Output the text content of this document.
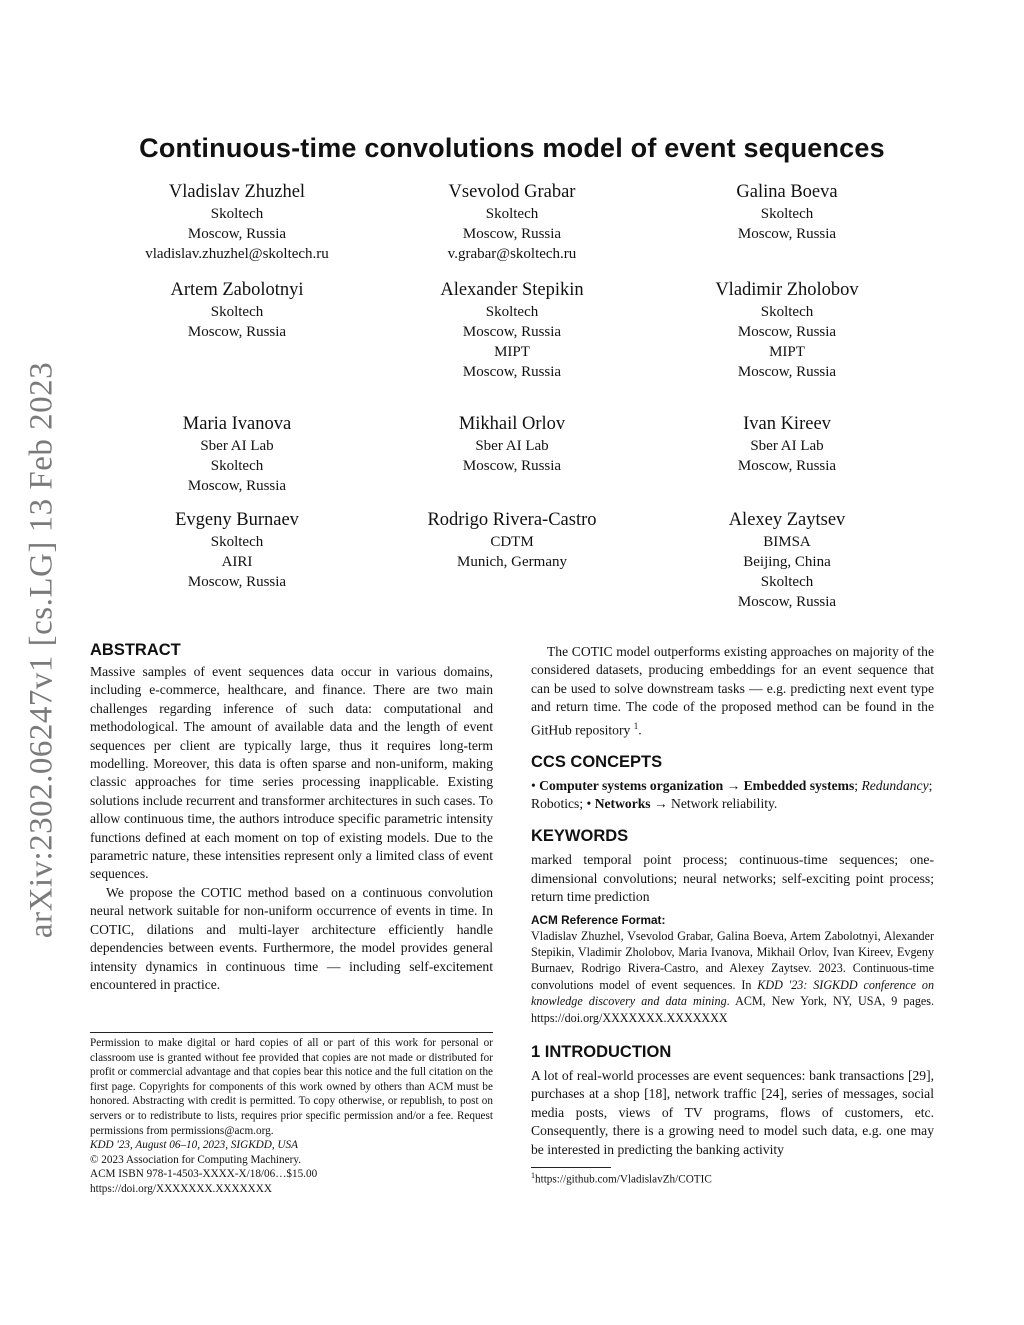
Continuous-time convolutions model of event sequences
arXiv:2302.06247v1 [cs.LG] 13 Feb 2023
Vladislav Zhuzhel
Skoltech
Moscow, Russia
vladislav.zhuzhel@skoltech.ru
Vsevolod Grabar
Skoltech
Moscow, Russia
v.grabar@skoltech.ru
Galina Boeva
Skoltech
Moscow, Russia
Artem Zabolotnyi
Skoltech
Moscow, Russia
Alexander Stepikin
Skoltech
Moscow, Russia
MIPT
Moscow, Russia
Vladimir Zholobov
Skoltech
Moscow, Russia
MIPT
Moscow, Russia
Maria Ivanova
Sber AI Lab
Skoltech
Moscow, Russia
Mikhail Orlov
Sber AI Lab
Moscow, Russia
Ivan Kireev
Sber AI Lab
Moscow, Russia
Evgeny Burnaev
Skoltech
AIRI
Moscow, Russia
Rodrigo Rivera-Castro
CDTM
Munich, Germany
Alexey Zaytsev
BIMSA
Beijing, China
Skoltech
Moscow, Russia
ABSTRACT

Massive samples of event sequences data occur in various domains, including e-commerce, healthcare, and finance. There are two main challenges regarding inference of such data: computational and methodological. The amount of available data and the length of event sequences per client are typically large, thus it requires long-term modelling. Moreover, this data is often sparse and non-uniform, making classic approaches for time series processing inapplicable. Existing solutions include recurrent and transformer architectures in such cases. To allow continuous time, the authors introduce specific parametric intensity functions defined at each moment on top of existing models. Due to the parametric nature, these intensities represent only a limited class of event sequences.

We propose the COTIC method based on a continuous convolution neural network suitable for non-uniform occurrence of events in time. In COTIC, dilations and multi-layer architecture efficiently handle dependencies between events. Furthermore, the model provides general intensity dynamics in continuous time — including self-excitement encountered in practice.

Permission to make digital or hard copies of all or part of this work for personal or classroom use is granted without fee provided that copies are not made or distributed for profit or commercial advantage and that copies bear this notice and the full citation on the first page. Copyrights for components of this work owned by others than ACM must be honored. Abstracting with credit is permitted. To copy otherwise, or republish, to post on servers or to redistribute to lists, requires prior specific permission and/or a fee. Request permissions from permissions@acm.org.

KDD '23, August 06–10, 2023, SIGKDD, USA

© 2023 Association for Computing Machinery.

ACM ISBN 978-1-4503-XXXX-X/18/06…$15.00

https://doi.org/XXXXXXX.XXXXXXX

The COTIC model outperforms existing approaches on majority of the considered datasets, producing embeddings for an event sequence that can be used to solve downstream tasks — e.g. predicting next event type and return time. The code of the proposed method can be found in the GitHub repository $^1$.

CCS CONCEPTS

• Computer systems organization → Embedded systems; Redundancy; Robotics; • Networks → Network reliability.

KEYWORDS

marked temporal point process; continuous-time sequences; one-dimensional convolutions; neural networks; self-exciting point process; return time prediction

ACM Reference Format:

Vladislav Zhuzhel, Vsevolod Grabar, Galina Boeva, Artem Zabolotnyi, Alexander Stepikin, Vladimir Zholobov, Maria Ivanova, Mikhail Orlov, Ivan Kireev, Evgeny Burnaev, Rodrigo Rivera-Castro, and Alexey Zaytsev. 2023. Continuous-time convolutions model of event sequences. In KDD '23: SIGKDD conference on knowledge discovery and data mining. ACM, New York, NY, USA, 9 pages. https://doi.org/XXXXXXX.XXXXXXX

1 INTRODUCTION

A lot of real-world processes are event sequences: bank transactions [29], purchases at a shop [18], network traffic [24], series of messages, social media posts, views of TV programs, flows of customers, etc. Consequently, there is a growing need to model such data, e.g. one may be interested in predicting the banking activity

$^1$https://github.com/VladislavZh/COTIC
